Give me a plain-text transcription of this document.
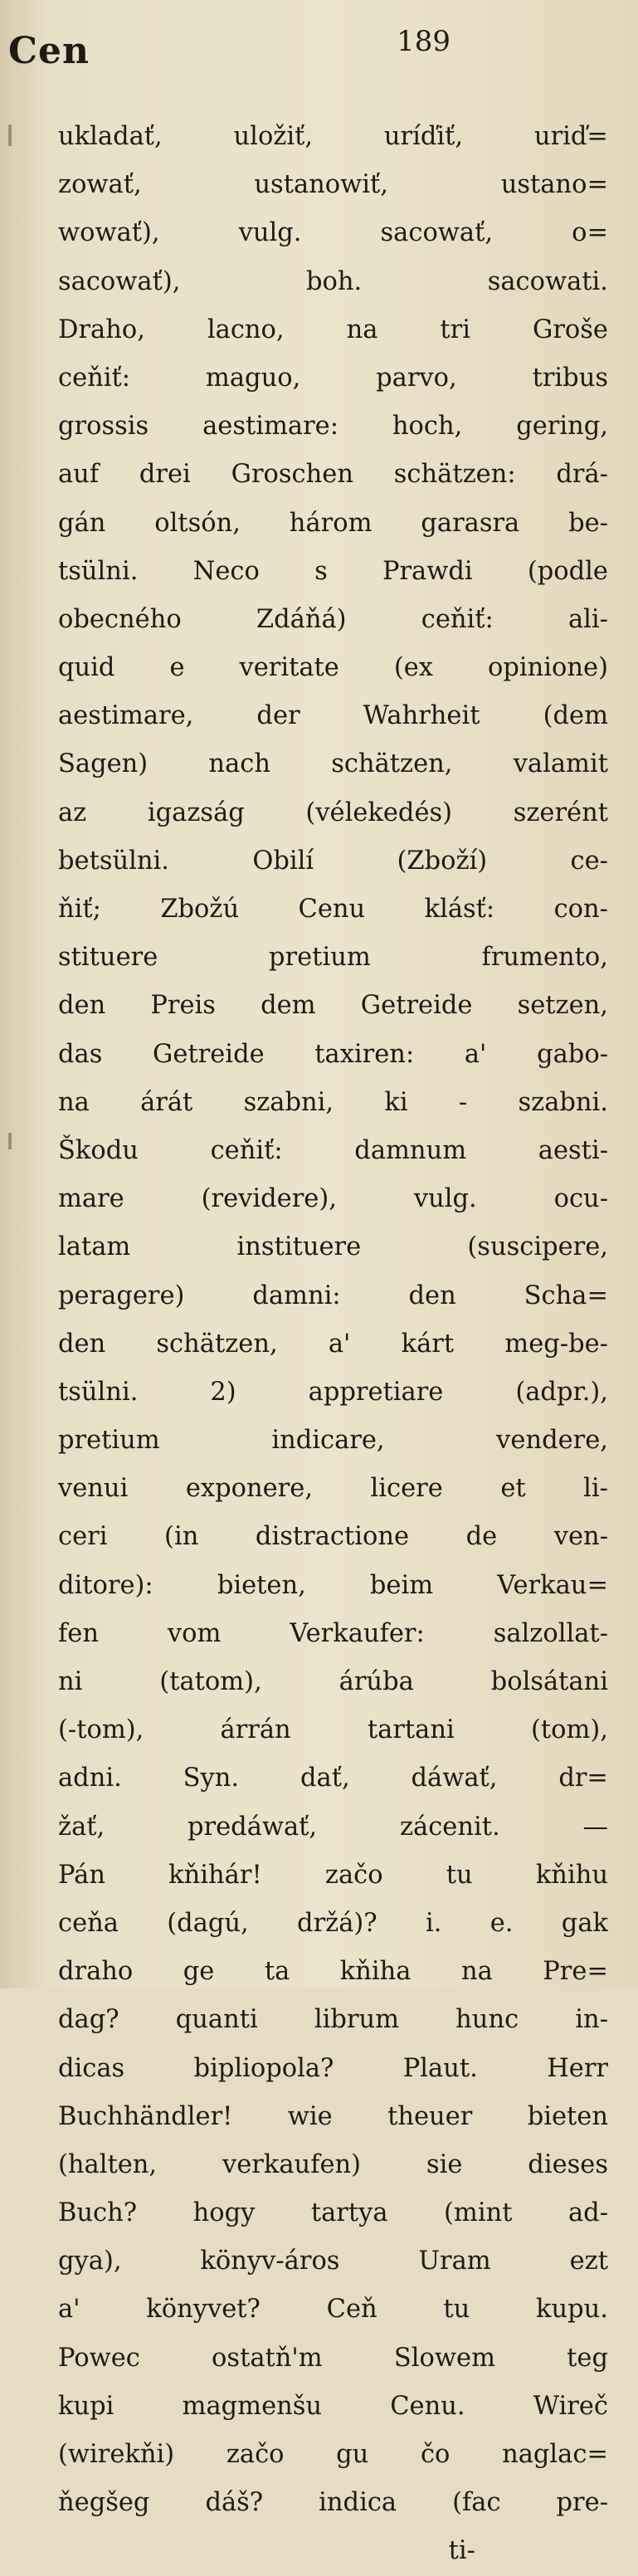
Cen	189
ukladať, uložiť, uríďiť, uriď=
zowať, ustanowiť, ustano=
wowať), vulg. sacowať, o=
sacowať), boh. sacowati.
Draho, lacno, na tri Groše
ceňiť: maguo, parvo, tribus
grossis aestimare: hoch, gering,
auf drei Groschen schätzen: drá-
gán oltsón, három garasra be-
tsülni. Neco s Prawdi (podle
obecného Zdáňá) ceňiť: ali-
quid e veritate (ex opinione)
aestimare, der Wahrheit (dem
Sagen) nach schätzen, valamit
az igazság (vélekedés) szerént
betsülni. Obilí (Zboží) ce-
ňiť; Zbožú Cenu klásť: con-
stituere pretium frumento,
den Preis dem Getreide setzen,
das Getreide taxiren: a' gabo-
na árát szabni, ki - szabni.
Škodu ceňiť: damnum aesti-
mare (revidere), vulg. ocu-
latam instituere (suscipere,
peragere) damni: den Scha=
den schätzen, a' kárt meg-be-
tsülni. 2) appretiare (adpr.),
pretium indicare, vendere,
venui exponere, licere et li-
ceri (in distractione de ven-
ditore): bieten, beim Verkau=
fen vom Verkaufer: salzollat-
ni (tatom), árúba bolsátani
(-tom), árrán tartani (tom),
adni. Syn. dať, dáwať, dr=
žať, predáwať, zácenit. —
Pán kňihár! začo tu kňihu
ceňa (dagú, držá)? i. e. gak
draho ge ta kňiha na Pre=
dag? quanti librum hunc in-
dicas bipliopola? Plaut. Herr
Buchhändler! wie theuer bieten
(halten, verkaufen) sie dieses
Buch? hogy tartya (mint ad-
gya), könyv-áros Uram ezt
a' könyvet? Ceň tu kupu.
Powec ostatň'm Slowem teg
kupi magmenšu Cenu. Wireč
(wirekňi) začo gu čo naglac=
ňegšeg dáš? indica (fac pre-
ti-
